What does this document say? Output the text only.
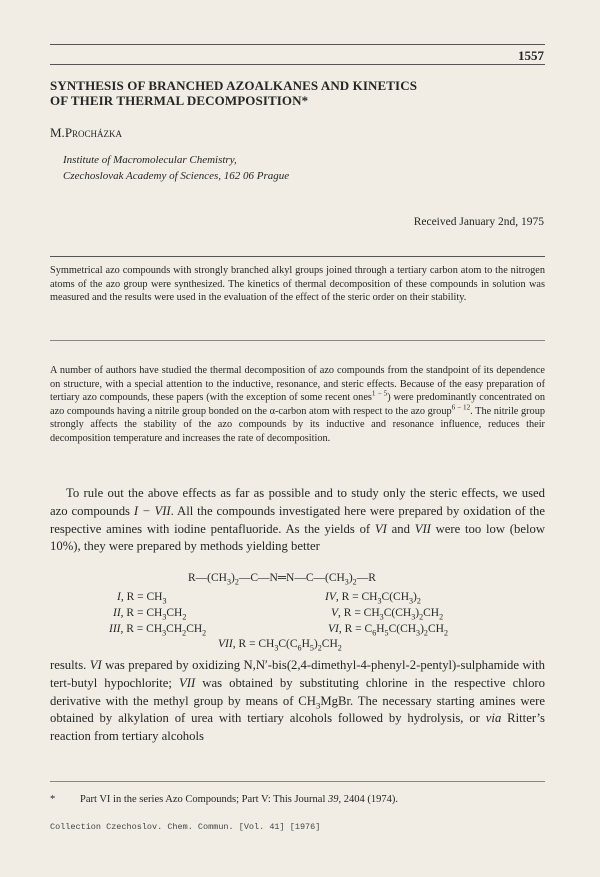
1557
SYNTHESIS OF BRANCHED AZOALKANES AND KINETICS
OF THEIR THERMAL DECOMPOSITION*
M.Procházka
Institute of Macromolecular Chemistry,
Czechoslovak Academy of Sciences, 162 06 Prague
Received January 2nd, 1975

Symmetrical azo compounds with strongly branched alkyl groups joined through a tertiary carbon atom to the nitrogen atoms of the azo group were synthesized. The kinetics of thermal decomposition of these compounds in solution was measured and the results were used in the evaluation of the effect of the steric order on their stability.

A number of authors have studied the thermal decomposition of azo compounds from the standpoint of its dependence on structure, with a special attention to the inductive, resonance, and steric effects. Because of the easy preparation of tertiary azo compounds, these papers (with the exception of some recent ones$^{1 - 5}$) were predominantly concentrated on azo compounds having a nitrile group bonded on the α-carbon atom with respect to the azo group$^{6 - 12}$. The nitrile group strongly affects the stability of the azo compounds by its inductive and resonance influence, reduces their decomposition temperature and increases the rate of decomposition.

To rule out the above effects as far as possible and to study only the steric effects, we used azo compounds I − VII. All the compounds investigated here were prepared by oxidation of the respective amines with iodine pentafluoride. As the yields of VI and VII were too low (below 10%), they were prepared by methods yielding better

$R—(CH_3)_2—C—N═N—C—(CH_3)_2—R$
I, $R = CH_3$
II, $R = CH_3CH_2$
III, $R = CH_3CH_2CH_2$
IV, $R = CH_3C(CH_3)_2$
V, $R = CH_3C(CH_3)_2CH_2$
VI, $R = C_6H_5C(CH_3)_2CH_2$
VII, $R = CH_3C(C_6H_5)_2CH_2$

results. VI was prepared by oxidizing N,N′-bis(2,4-dimethyl-4-phenyl-2-pentyl)-sulphamide with tert-butyl hypochlorite; VII was obtained by substituting chlorine in the respective chloro derivative with the methyl group by means of $CH_3MgBr$. The necessary starting amines were obtained by alkylation of urea with tertiary alcohols followed by hydrolysis, or via Ritter’s reaction from tertiary alcohols

* Part VI in the series Azo Compounds; Part V: This Journal 39, 2404 (1974).
Collection Czechoslov. Chem. Commun. [Vol. 41] [1976]
